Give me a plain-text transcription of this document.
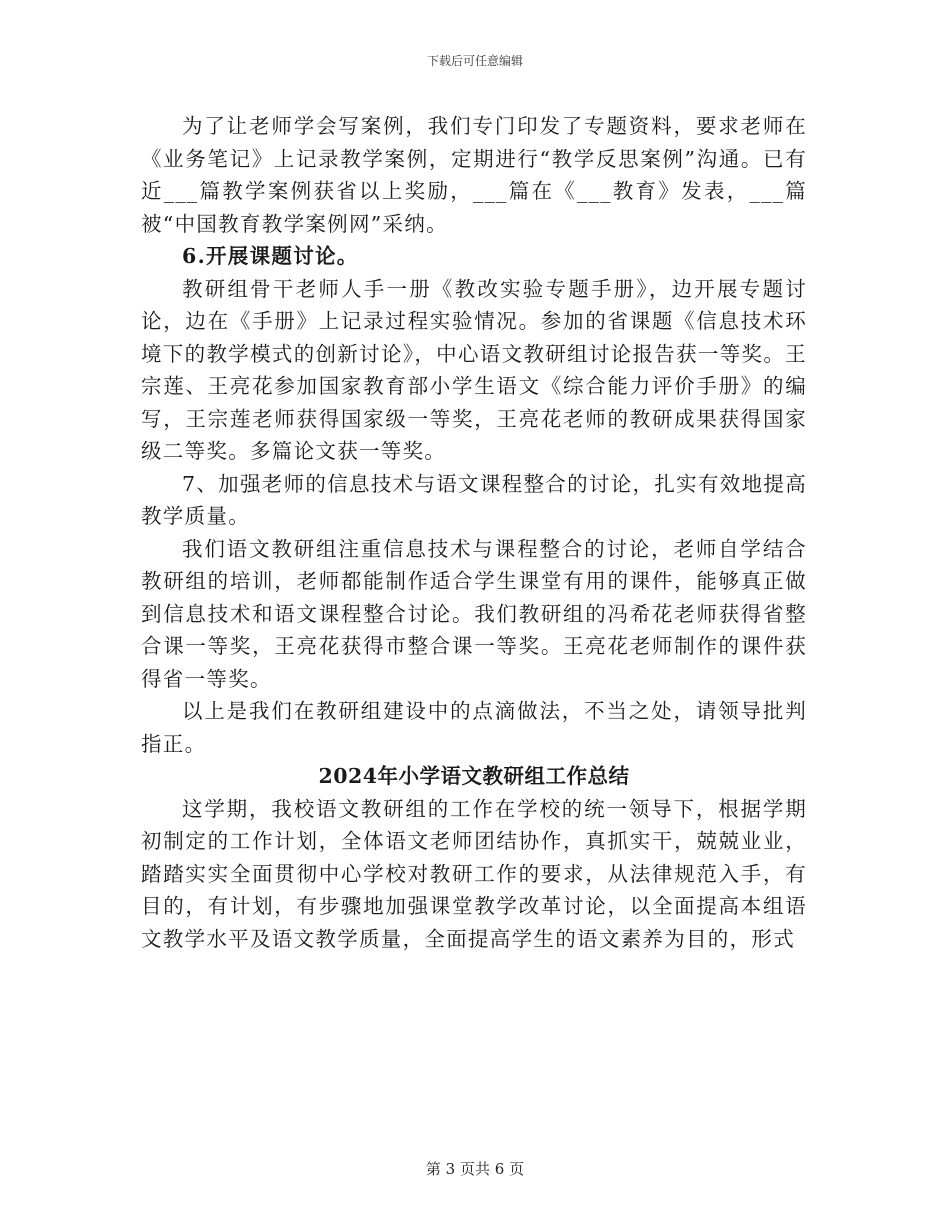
下载后可任意编辑

为了让老师学会写案例，我们专门印发了专题资料，要求老师在《业务笔记》上记录教学案例，定期进行“教学反思案例”沟通。已有近___篇教学案例获省以上奖励，___篇在《___教育》发表，___篇被“中国教育教学案例网”采纳。

6.开展课题讨论。

教研组骨干老师人手一册《教改实验专题手册》，边开展专题讨论，边在《手册》上记录过程实验情况。参加的省课题《信息技术环境下的教学模式的创新讨论》，中心语文教研组讨论报告获一等奖。王宗莲、王亮花参加国家教育部小学生语文《综合能力评价手册》的编写，王宗莲老师获得国家级一等奖，王亮花老师的教研成果获得国家级二等奖。多篇论文获一等奖。

7、加强老师的信息技术与语文课程整合的讨论，扎实有效地提高教学质量。

我们语文教研组注重信息技术与课程整合的讨论，老师自学结合教研组的培训，老师都能制作适合学生课堂有用的课件，能够真正做到信息技术和语文课程整合讨论。我们教研组的冯希花老师获得省整合课一等奖，王亮花获得市整合课一等奖。王亮花老师制作的课件获得省一等奖。

以上是我们在教研组建设中的点滴做法，不当之处，请领导批判指正。

2024年小学语文教研组工作总结

这学期，我校语文教研组的工作在学校的统一领导下，根据学期初制定的工作计划，全体语文老师团结协作，真抓实干，兢兢业业，踏踏实实全面贯彻中心学校对教研工作的要求，从法律规范入手，有目的，有计划，有步骤地加强课堂教学改革讨论，以全面提高本组语文教学水平及语文教学质量，全面提高学生的语文素养为目的，形式

第 3 页共 6 页
